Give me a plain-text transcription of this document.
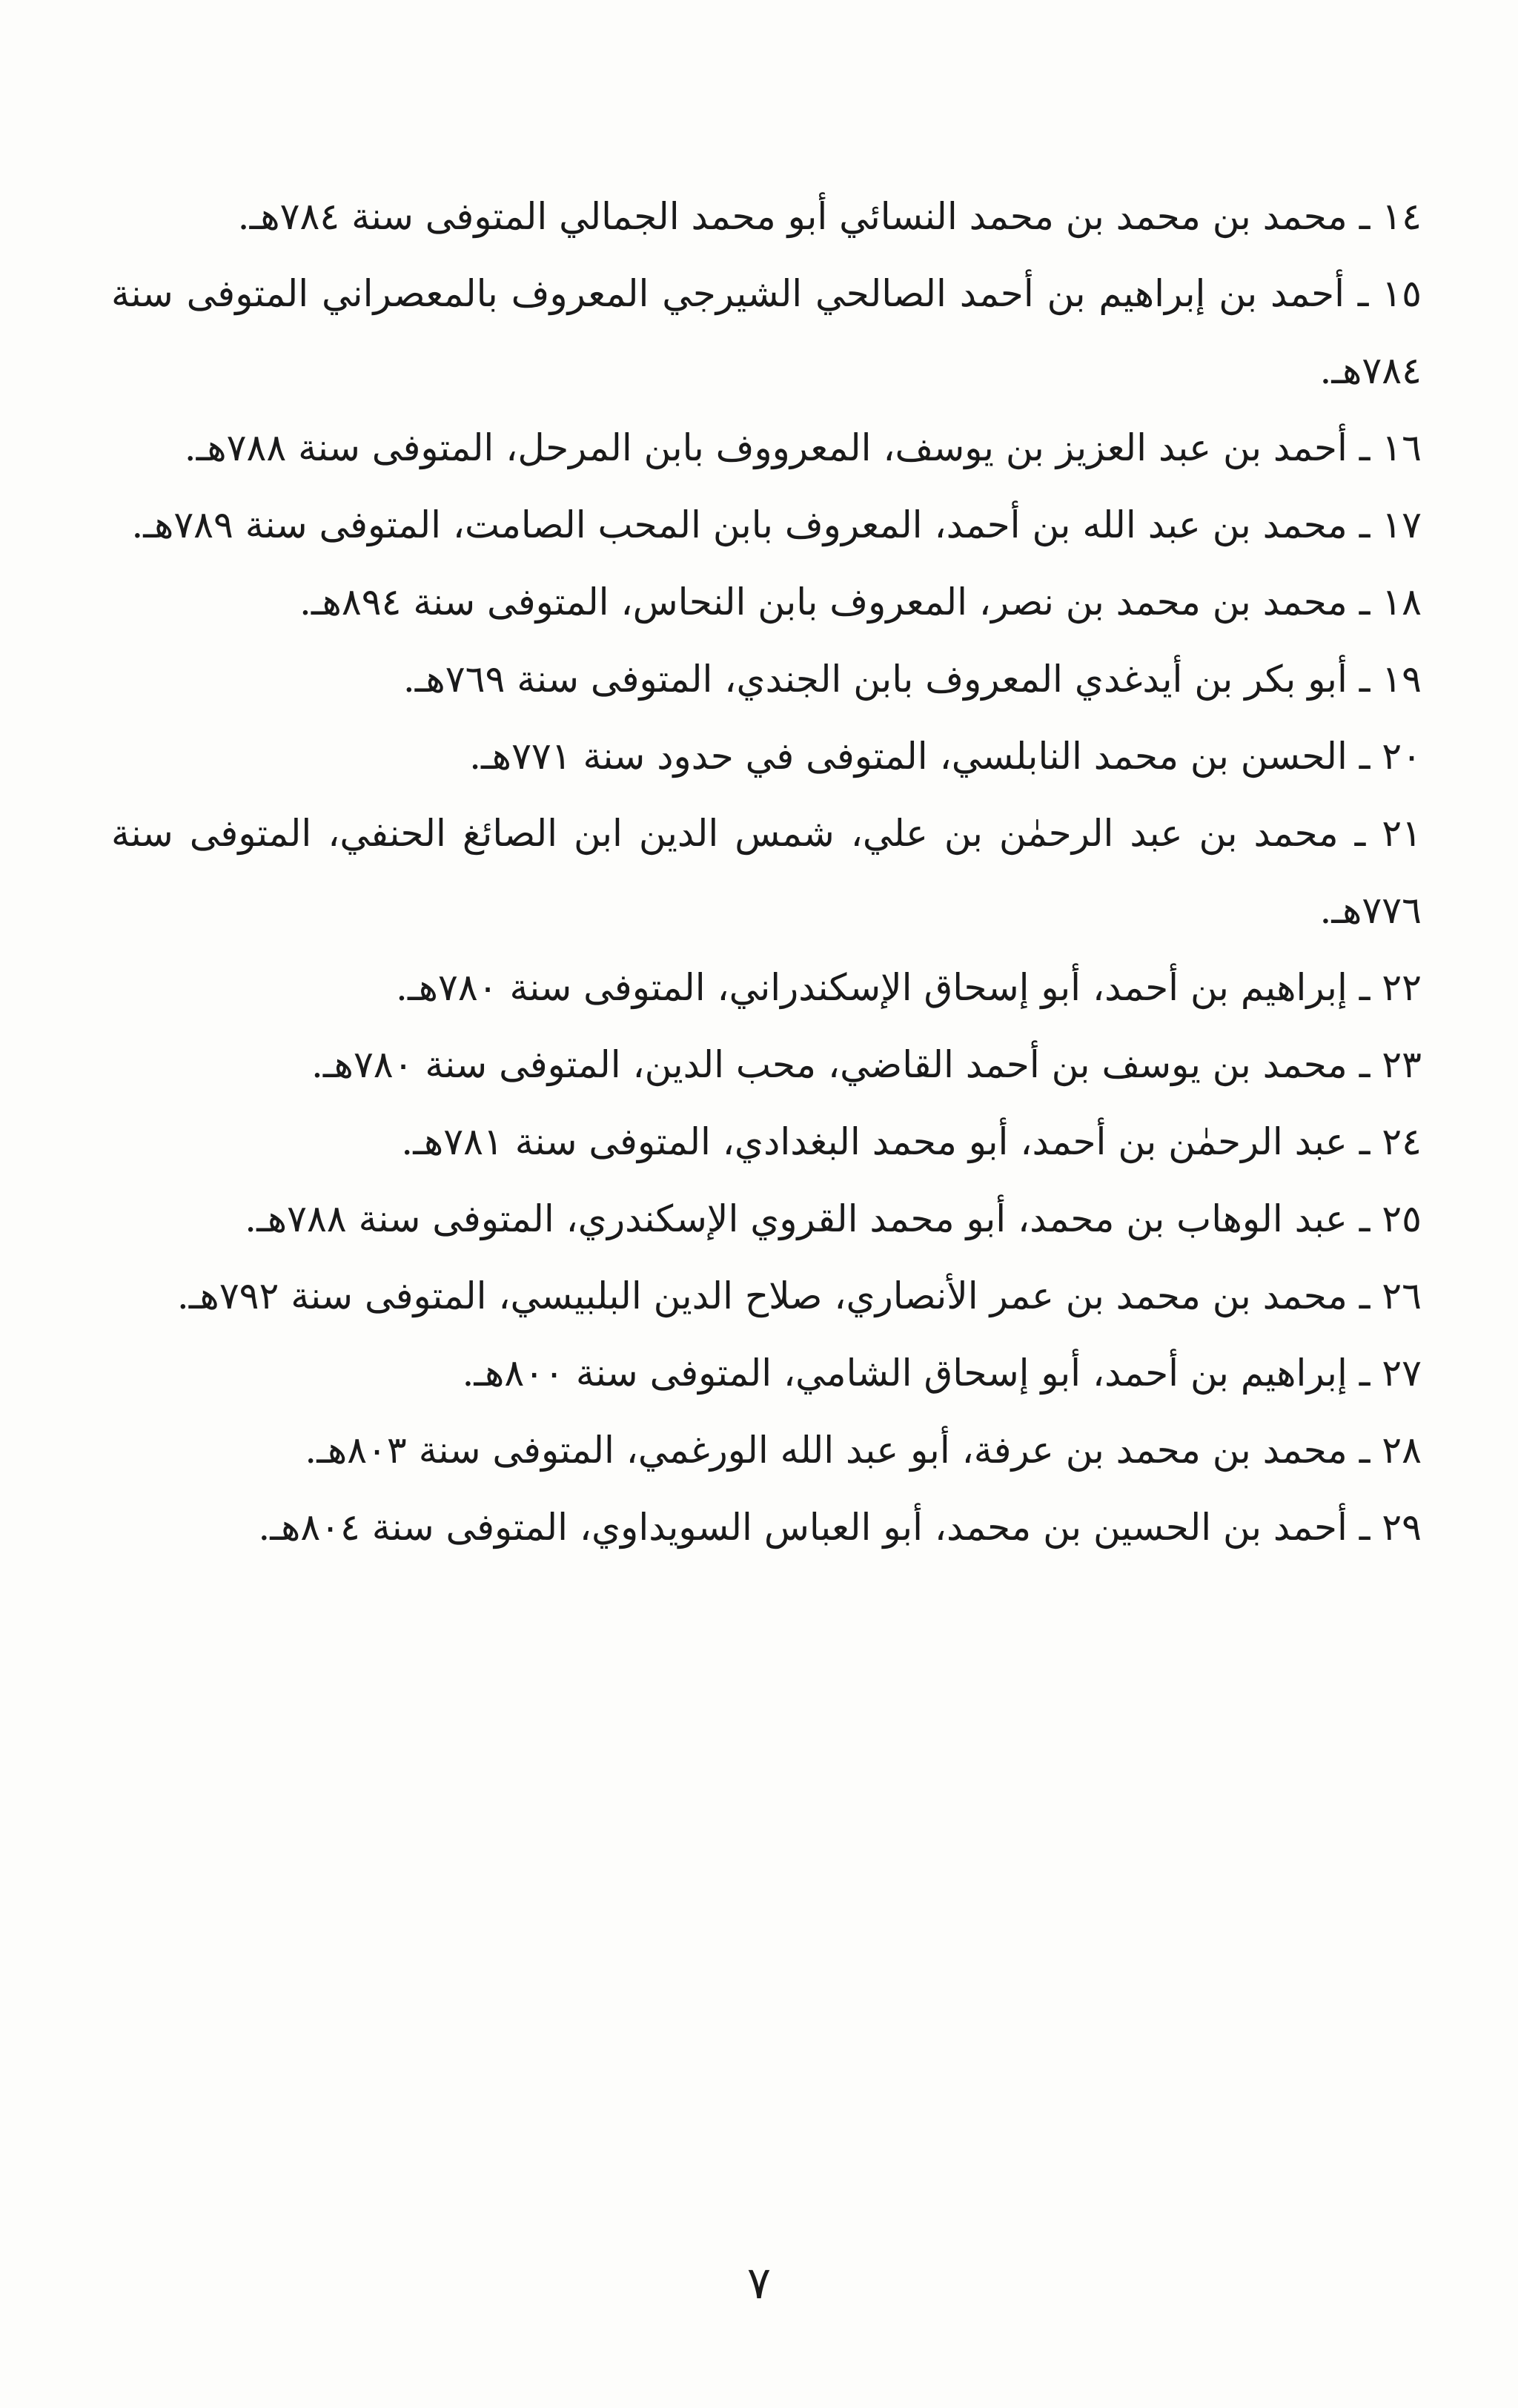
١٤ ـ محمد بن محمد بن محمد النسائي أبو محمد الجمالي المتوفى سنة ٧٨٤هـ.

١٥ ـ أحمد بن إبراهيم بن أحمد الصالحي الشيرجي المعروف بالمعصراني المتوفى سنة ٧٨٤هـ.

١٦ ـ أحمد بن عبد العزيز بن يوسف، المعرووف بابن المرحل، المتوفى سنة ٧٨٨هـ.

١٧ ـ محمد بن عبد الله بن أحمد، المعروف بابن المحب الصامت، المتوفى سنة ٧٨٩هـ.

١٨ ـ محمد بن محمد بن نصر، المعروف بابن النحاس، المتوفى سنة ٨٩٤هـ.

١٩ ـ أبو بكر بن أيدغدي المعروف بابن الجندي، المتوفى سنة ٧٦٩هـ.

٢٠ ـ الحسن بن محمد النابلسي، المتوفى في حدود سنة ٧٧١هـ.

٢١ ـ محمد بن عبد الرحمٰن بن علي، شمس الدين ابن الصائغ الحنفي، المتوفى سنة ٧٧٦هـ.

٢٢ ـ إبراهيم بن أحمد، أبو إسحاق الإسكندراني، المتوفى سنة ٧٨٠هـ.

٢٣ ـ محمد بن يوسف بن أحمد القاضي، محب الدين، المتوفى سنة ٧٨٠هـ.

٢٤ ـ عبد الرحمٰن بن أحمد، أبو محمد البغدادي، المتوفى سنة ٧٨١هـ.

٢٥ ـ عبد الوهاب بن محمد، أبو محمد القروي الإسكندري، المتوفى سنة ٧٨٨هـ.

٢٦ ـ محمد بن محمد بن عمر الأنصاري، صلاح الدين البلبيسي، المتوفى سنة ٧٩٢هـ.

٢٧ ـ إبراهيم بن أحمد، أبو إسحاق الشامي، المتوفى سنة ٨٠٠هـ.

٢٨ ـ محمد بن محمد بن عرفة، أبو عبد الله الورغمي، المتوفى سنة ٨٠٣هـ.

٢٩ ـ أحمد بن الحسين بن محمد، أبو العباس السويداوي، المتوفى سنة ٨٠٤هـ.

٧
